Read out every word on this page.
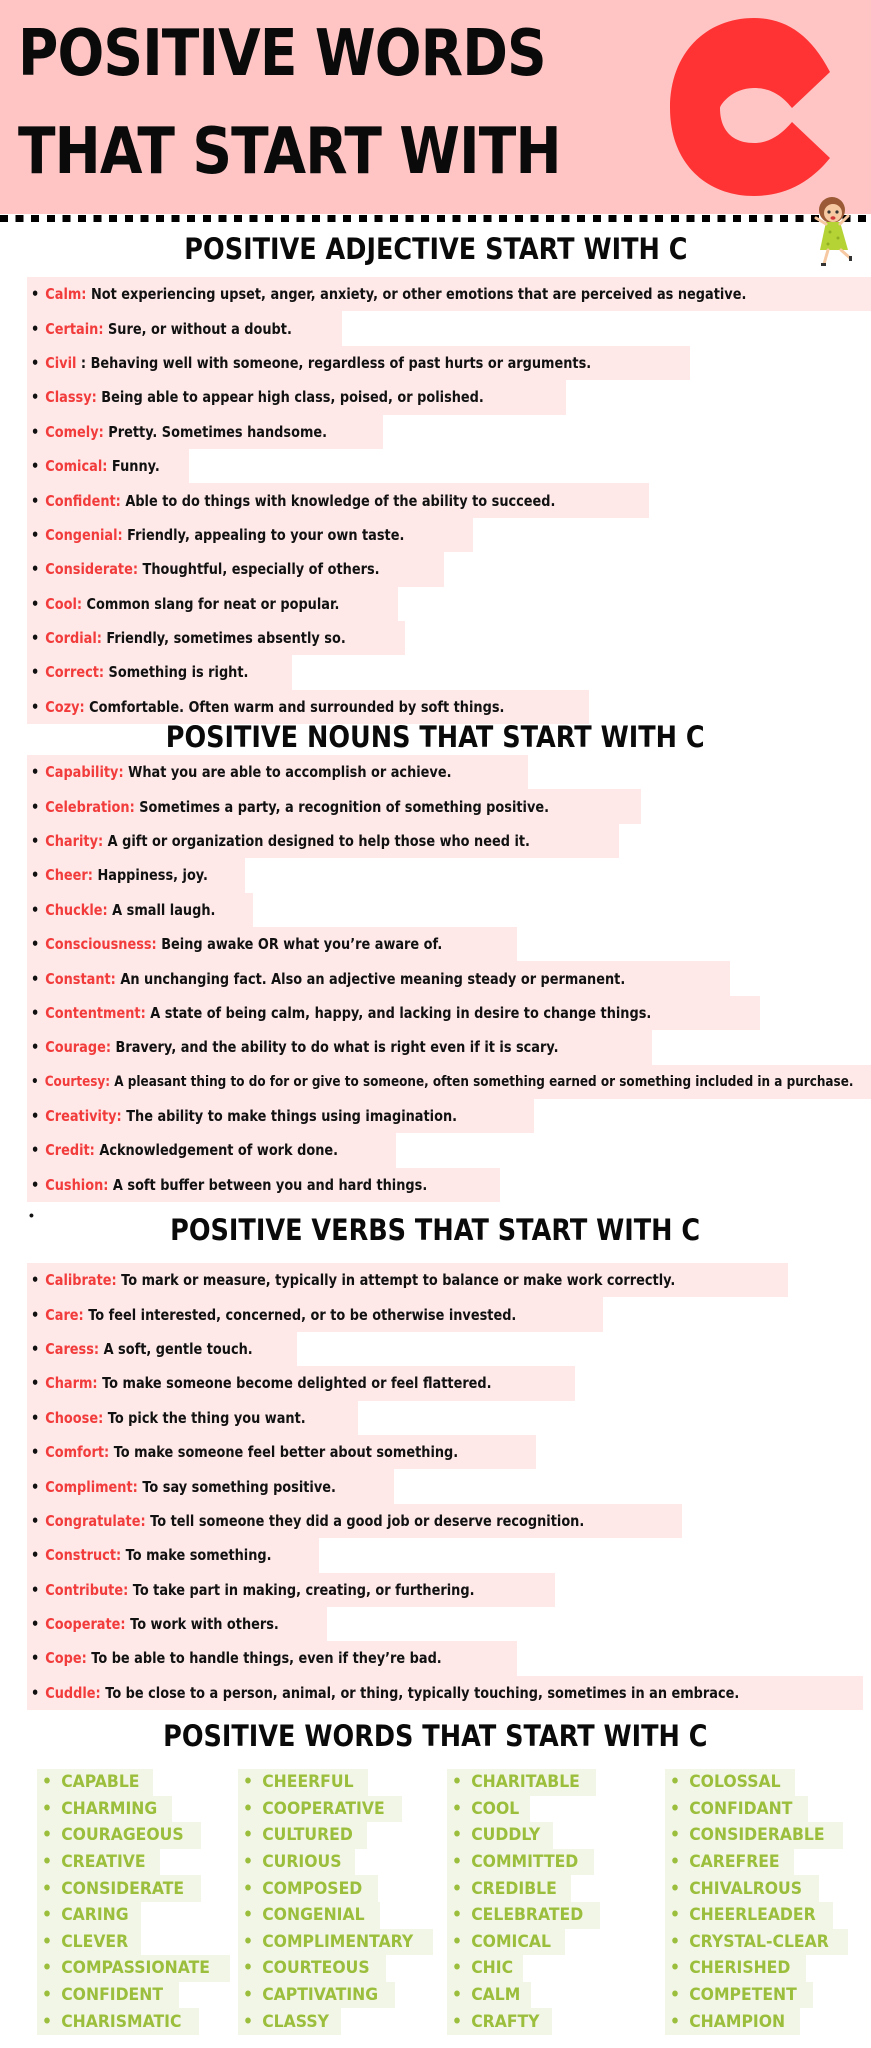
POSITIVE WORDS
THAT START WITH
POSITIVE ADJECTIVE START WITH C
• Calm: Not experiencing upset, anger, anxiety, or other emotions that are perceived as negative.
• Certain: Sure, or without a doubt.
• Civil : Behaving well with someone, regardless of past hurts or arguments.
• Classy: Being able to appear high class, poised, or polished.
• Comely: Pretty. Sometimes handsome.
• Comical: Funny.
• Confident: Able to do things with knowledge of the ability to succeed.
• Congenial: Friendly, appealing to your own taste.
• Considerate: Thoughtful, especially of others.
• Cool: Common slang for neat or popular.
• Cordial: Friendly, sometimes absently so.
• Correct: Something is right.
• Cozy: Comfortable. Often warm and surrounded by soft things.
POSITIVE NOUNS THAT START WITH C
• Capability: What you are able to accomplish or achieve.
• Celebration: Sometimes a party, a recognition of something positive.
• Charity: A gift or organization designed to help those who need it.
• Cheer: Happiness, joy.
• Chuckle: A small laugh.
• Consciousness: Being awake OR what you’re aware of.
• Constant: An unchanging fact. Also an adjective meaning steady or permanent.
• Contentment: A state of being calm, happy, and lacking in desire to change things.
• Courage: Bravery, and the ability to do what is right even if it is scary.
• Courtesy: A pleasant thing to do for or give to someone, often something earned or something included in a purchase.
• Creativity: The ability to make things using imagination.
• Credit: Acknowledgement of work done.
• Cushion: A soft buffer between you and hard things.
•	POSITIVE VERBS THAT START WITH C
• Calibrate: To mark or measure, typically in attempt to balance or make work correctly.
• Care: To feel interested, concerned, or to be otherwise invested.
• Caress: A soft, gentle touch.
• Charm: To make someone become delighted or feel flattered.
• Choose: To pick the thing you want.
• Comfort: To make someone feel better about something.
• Compliment: To say something positive.
• Congratulate: To tell someone they did a good job or deserve recognition.
• Construct: To make something.
• Contribute: To take part in making, creating, or furthering.
• Cooperate: To work with others.
• Cope: To be able to handle things, even if they’re bad.
• Cuddle: To be close to a person, animal, or thing, typically touching, sometimes in an embrace.
POSITIVE WORDS THAT START WITH C
• CAPABLE
• CHARMING
• COURAGEOUS
• CREATIVE
• CONSIDERATE
• CARING
• CLEVER
• COMPASSIONATE
• CONFIDENT
• CHARISMATIC
• CHEERFUL
• COOPERATIVE
• CULTURED
• CURIOUS
• COMPOSED
• CONGENIAL
• COMPLIMENTARY
• COURTEOUS
• CAPTIVATING
• CLASSY
• CHARITABLE
• COOL
• CUDDLY
• COMMITTED
• CREDIBLE
• CELEBRATED
• COMICAL
• CHIC
• CALM
• CRAFTY
• COLOSSAL
• CONFIDANT
• CONSIDERABLE
• CAREFREE
• CHIVALROUS
• CHEERLEADER
• CRYSTAL-CLEAR
• CHERISHED
• COMPETENT
• CHAMPION
